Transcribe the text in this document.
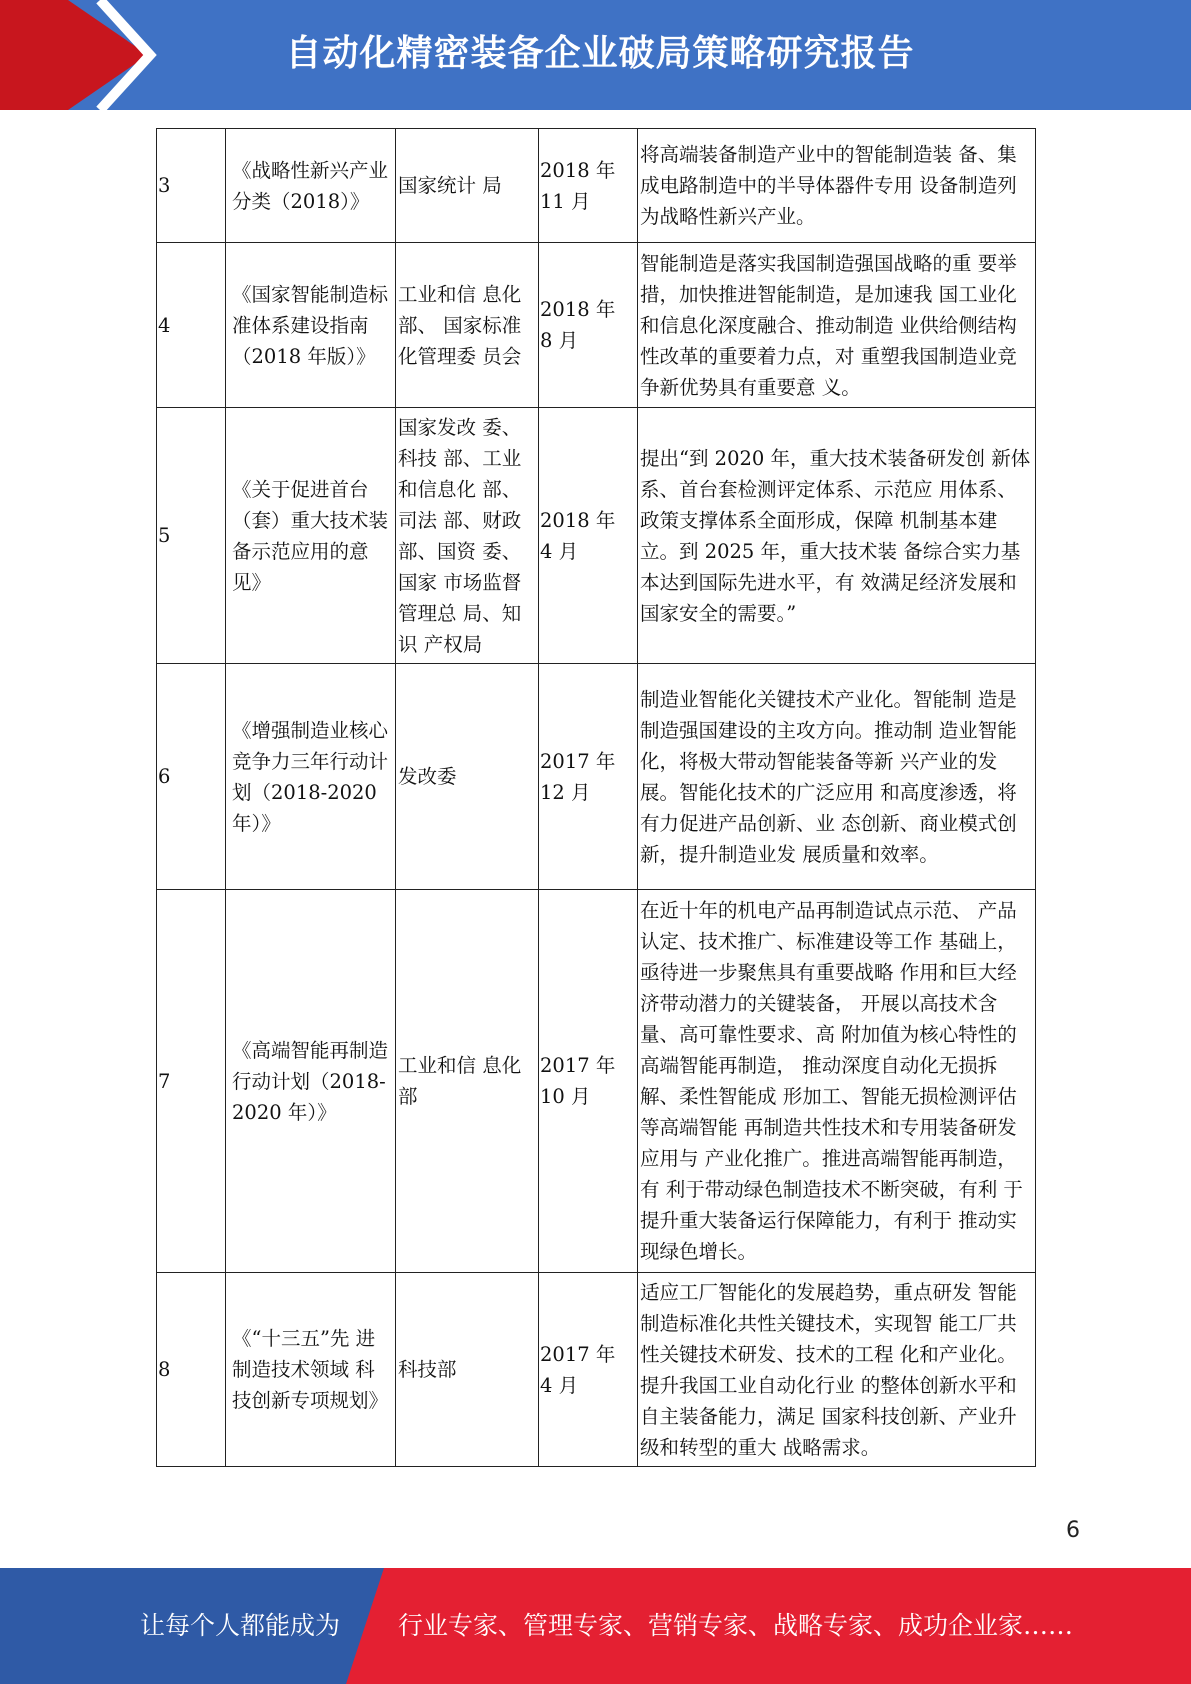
自动化精密装备企业破局策略研究报告
3	《战略性新兴产业分类（2018）》	国家统计 局	2018 年 11 月	将高端装备制造产业中的智能制造装 备、集成电路制造中的半导体器件专用 设备制造列为战略性新兴产业。
4	《国家智能制造标准体系建设指南（2018 年版）》	工业和信 息化部、 国家标准化管理委 员会	2018 年 8 月	智能制造是落实我国制造强国战略的重 要举措，加快推进智能制造，是加速我 国工业化和信息化深度融合、推动制造 业供给侧结构性改革的重要着力点，对 重塑我国制造业竞争新优势具有重要意 义。
5	《关于促进首台（套）重大技术装备示范应用的意见》	国家发改 委、科技 部、工业和信息化 部、司法 部、财政部、国资 委、国家 市场监督管理总 局、知识 产权局	2018 年 4 月	提出“到 2020 年，重大技术装备研发创 新体系、首台套检测评定体系、示范应 用体系、政策支撑体系全面形成，保障 机制基本建立。到 2025 年，重大技术装 备综合实力基本达到国际先进水平，有 效满足经济发展和国家安全的需要。”
6	《增强制造业核心竞争力三年行动计划（2018-2020 年）》	发改委	2017 年 12 月	制造业智能化关键技术产业化。智能制 造是制造强国建设的主攻方向。推动制 造业智能化，将极大带动智能装备等新 兴产业的发展。智能化技术的广泛应用 和高度渗透，将有力促进产品创新、业 态创新、商业模式创新，提升制造业发 展质量和效率。
7	《高端智能再制造行动计划（2018-2020 年）》	工业和信 息化部	2017 年 10 月	在近十年的机电产品再制造试点示范、 产品认定、技术推广、标准建设等工作 基础上，亟待进一步聚焦具有重要战略 作用和巨大经济带动潜力的关键装备， 开展以高技术含量、高可靠性要求、高 附加值为核心特性的高端智能再制造， 推动深度自动化无损拆解、柔性智能成 形加工、智能无损检测评估等高端智能 再制造共性技术和专用装备研发应用与 产业化推广。推进高端智能再制造，有 利于带动绿色制造技术不断突破，有利 于提升重大装备运行保障能力，有利于 推动实现绿色增长。
8	《“十三五”先 进制造技术领域 科技创新专项规划》	科技部	2017 年 4 月	适应工厂智能化的发展趋势，重点研发 智能制造标准化共性关键技术，实现智 能工厂共性关键技术研发、技术的工程 化和产业化。提升我国工业自动化行业 的整体创新水平和自主装备能力，满足 国家科技创新、产业升级和转型的重大 战略需求。
6
让每个人都能成为 行业专家、管理专家、营销专家、战略专家、成功企业家……
